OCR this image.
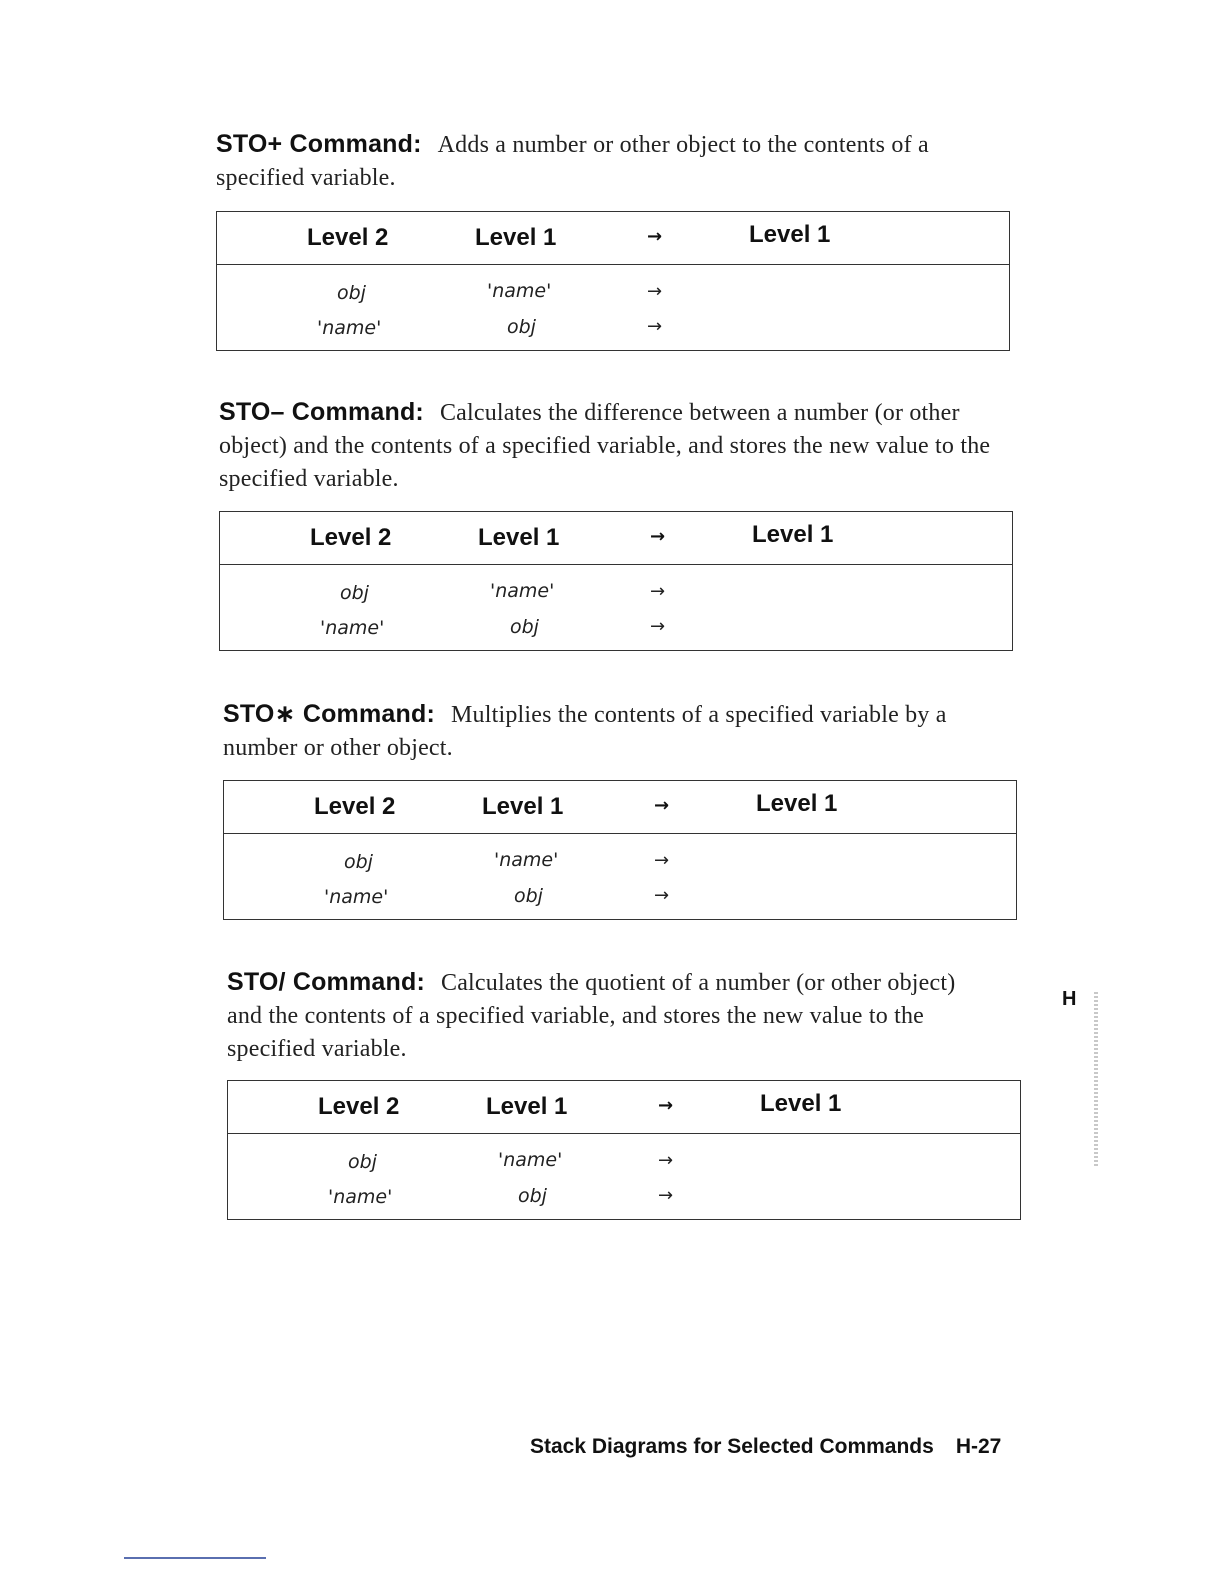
STO+ Command: Adds a number or other object to the contents of a specified variable.

Level 2	Level 1	→	Level 1
obj	'name'	→
'name'	obj	→

STO– Command: Calculates the difference between a number (or other object) and the contents of a specified variable, and stores the new value to the specified variable.

Level 2	Level 1	→	Level 1
obj	'name'	→
'name'	obj	→

STO∗ Command: Multiplies the contents of a specified variable by a number or other object.

Level 2	Level 1	→	Level 1
obj	'name'	→
'name'	obj	→

STO/ Command: Calculates the quotient of a number (or other object) and the contents of a specified variable, and stores the new value to the specified variable.

Level 2	Level 1	→	Level 1
obj	'name'	→
'name'	obj	→
H
Stack Diagrams for Selected Commands H-27
